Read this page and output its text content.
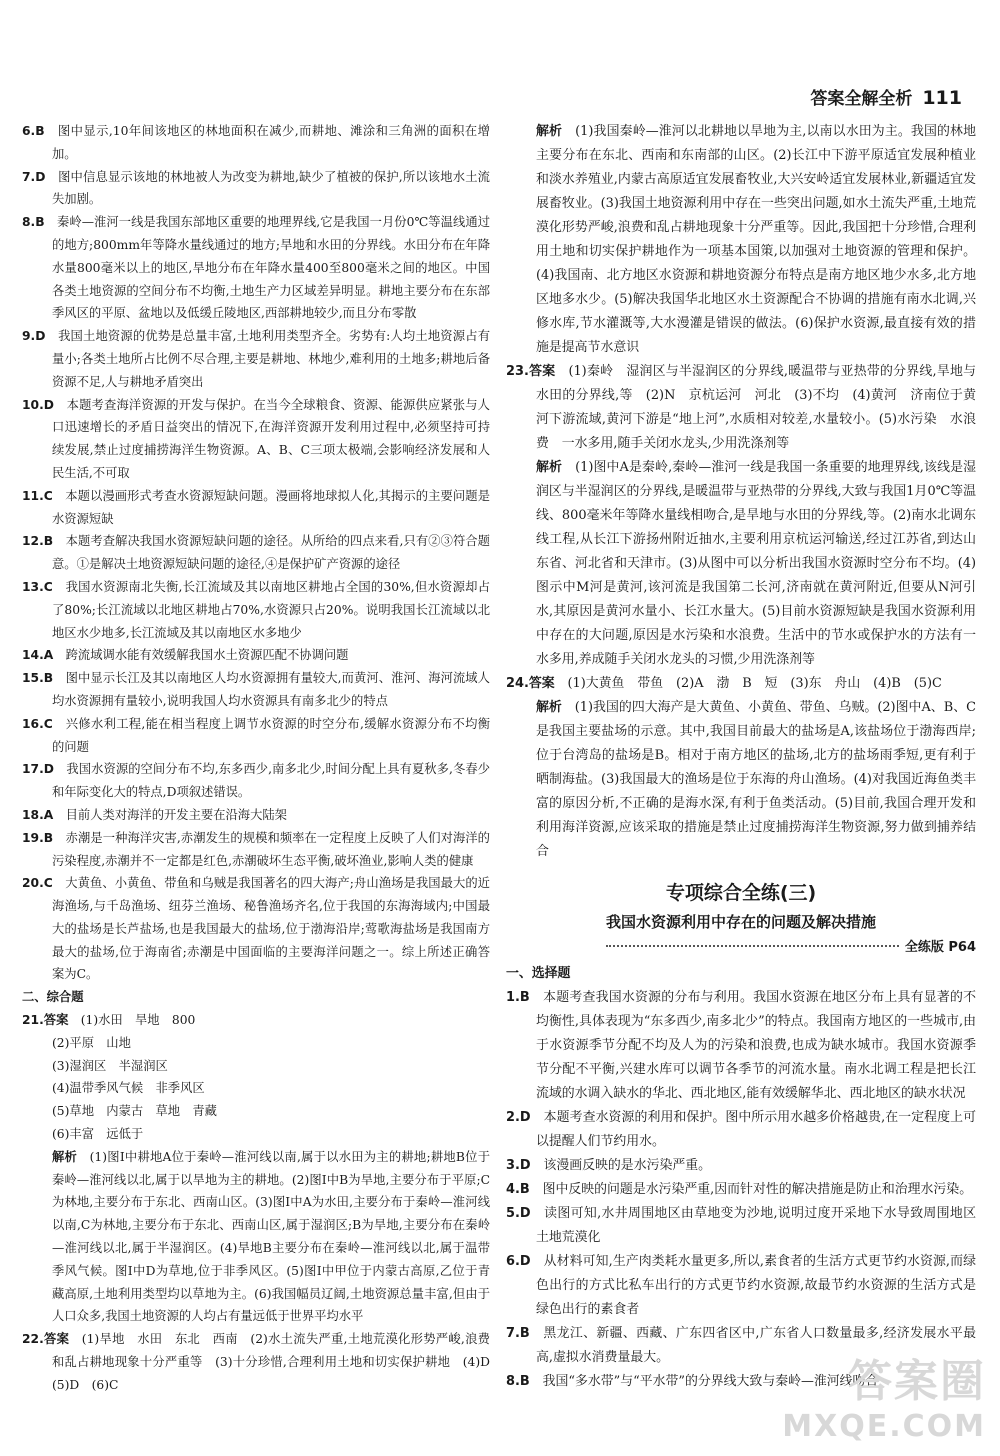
答案全解全析 111

6.B　 图中显示,10年间该地区的林地面积在减少,而耕地、滩涂和三角洲的面积在增加。

7.D　 图中信息显示该地的林地被人为改变为耕地,缺少了植被的保护,所以该地水土流失加剧。

8.B　 秦岭—淮河一线是我国东部地区重要的地理界线,它是我国一月份0℃等温线通过的地方;800mm年等降水量线通过的地方;旱地和水田的分界线。水田分布在年降水量800毫米以上的地区,旱地分布在年降水量400至800毫米之间的地区。中国各类土地资源的空间分布不均衡,土地生产力区域差异明显。耕地主要分布在东部季风区的平原、盆地以及低缓丘陵地区,西部耕地较少,而且分布零散

9.D　 我国土地资源的优势是总量丰富,土地利用类型齐全。劣势有:人均土地资源占有量小;各类土地所占比例不尽合理,主要是耕地、林地少,难利用的土地多;耕地后备资源不足,人与耕地矛盾突出

10.D　 本题考查海洋资源的开发与保护。在当今全球粮食、资源、能源供应紧张与人口迅速增长的矛盾日益突出的情况下,在海洋资源开发利用过程中,必须坚持可持续发展,禁止过度捕捞海洋生物资源。A、B、C三项太极端,会影响经济发展和人民生活,不可取

11.C　 本题以漫画形式考查水资源短缺问题。漫画将地球拟人化,其揭示的主要问题是水资源短缺

12.B　 本题考查解决我国水资源短缺问题的途径。从所给的四点来看,只有②③符合题意。①是解决土地资源短缺问题的途径,④是保护矿产资源的途径

13.C　 我国水资源南北失衡,长江流域及其以南地区耕地占全国的30%,但水资源却占了80%;长江流域以北地区耕地占70%,水资源只占20%。说明我国长江流域以北地区水少地多,长江流域及其以南地区水多地少

14.A　 跨流域调水能有效缓解我国水土资源匹配不协调问题

15.B　 图中显示长江及其以南地区人均水资源拥有量较大,而黄河、淮河、海河流域人均水资源拥有量较小,说明我国人均水资源具有南多北少的特点

16.C　 兴修水利工程,能在相当程度上调节水资源的时空分布,缓解水资源分布不均衡的问题

17.D　 我国水资源的空间分布不均,东多西少,南多北少,时间分配上具有夏秋多,冬春少和年际变化大的特点,D项叙述错误。

18.A　 目前人类对海洋的开发主要在沿海大陆架

19.B　 赤潮是一种海洋灾害,赤潮发生的规模和频率在一定程度上反映了人们对海洋的污染程度,赤潮并不一定都是红色,赤潮破坏生态平衡,破坏渔业,影响人类的健康

20.C　 大黄鱼、小黄鱼、带鱼和乌贼是我国著名的四大海产;舟山渔场是我国最大的近海渔场,与千岛渔场、纽芬兰渔场、秘鲁渔场齐名,位于我国的东海海域内;中国最大的盐场是长芦盐场,也是我国最大的盐场,位于渤海沿岸;莺歌海盐场是我国南方最大的盐场,位于海南省;赤潮是中国面临的主要海洋问题之一。综上所述正确答案为C。

二、综合题

21.答案　 (1)水田　旱地　800

(2)平原　山地

(3)湿润区　半湿润区

(4)温带季风气候　非季风区

(5)草地　内蒙古　草地　青藏

(6)丰富　远低于

解析　 (1)图Ⅰ中耕地A位于秦岭—淮河线以南,属于以水田为主的耕地;耕地B位于秦岭—淮河线以北,属于以旱地为主的耕地。(2)图Ⅰ中B为旱地,主要分布于平原;C为林地,主要分布于东北、西南山区。(3)图Ⅰ中A为水田,主要分布于秦岭—淮河线以南,C为林地,主要分布于东北、西南山区,属于湿润区;B为旱地,主要分布在秦岭—淮河线以北,属于半湿润区。(4)旱地B主要分布在秦岭—淮河线以北,属于温带季风气候。图Ⅰ中D为草地,位于非季风区。(5)图Ⅰ中甲位于内蒙古高原,乙位于青藏高原,土地利用类型均以草地为主。(6)我国幅员辽阔,土地资源总量丰富,但由于人口众多,我国土地资源的人均占有量远低于世界平均水平

22.答案　 (1)旱地　水田　东北　西南　(2)水土流失严重,土地荒漠化形势严峻,浪费和乱占耕地现象十分严重等　(3)十分珍惜,合理利用土地和切实保护耕地　(4)D　(5)D　(6)C

解析　 (1)我国秦岭—淮河以北耕地以旱地为主,以南以水田为主。我国的林地主要分布在东北、西南和东南部的山区。(2)长江中下游平原适宜发展种植业和淡水养殖业,内蒙古高原适宜发展畜牧业,大兴安岭适宜发展林业,新疆适宜发展畜牧业。(3)我国土地资源利用中存在一些突出问题,如水土流失严重,土地荒漠化形势严峻,浪费和乱占耕地现象十分严重等。因此,我国把十分珍惜,合理利用土地和切实保护耕地作为一项基本国策,以加强对土地资源的管理和保护。(4)我国南、北方地区水资源和耕地资源分布特点是南方地区地少水多,北方地区地多水少。(5)解决我国华北地区水土资源配合不协调的措施有南水北调,兴修水库,节水灌溉等,大水漫灌是错误的做法。(6)保护水资源,最直接有效的措施是提高节水意识

23.答案　 (1)秦岭　湿润区与半湿润区的分界线,暖温带与亚热带的分界线,旱地与水田的分界线,等　(2)N　京杭运河　河北　(3)不均　(4)黄河　济南位于黄河下游流域,黄河下游是“地上河”,水质相对较差,水量较小。(5)水污染　水浪费　一水多用,随手关闭水龙头,少用洗涤剂等

解析　 (1)图中A是秦岭,秦岭—淮河一线是我国一条重要的地理界线,该线是湿润区与半湿润区的分界线,是暖温带与亚热带的分界线,大致与我国1月0℃等温线、800毫米年等降水量线相吻合,是旱地与水田的分界线,等。(2)南水北调东线工程,从长江下游扬州附近抽水,主要利用京杭运河输送,经过江苏省,到达山东省、河北省和天津市。(3)从图中可以分析出我国水资源时空分布不均。(4)图示中M河是黄河,该河流是我国第二长河,济南就在黄河附近,但要从N河引水,其原因是黄河水量小、长江水量大。(5)目前水资源短缺是我国水资源利用中存在的大问题,原因是水污染和水浪费。生活中的节水或保护水的方法有一水多用,养成随手关闭水龙头的习惯,少用洗涤剂等

24.答案　 (1)大黄鱼　带鱼　(2)A　渤　B　短　(3)东　舟山　(4)B　(5)C

解析　 (1)我国的四大海产是大黄鱼、小黄鱼、带鱼、乌贼。(2)图中A、B、C是我国主要盐场的示意。其中,我国目前最大的盐场是A,该盐场位于渤海西岸;位于台湾岛的盐场是B。相对于南方地区的盐场,北方的盐场雨季短,更有利于晒制海盐。(3)我国最大的渔场是位于东海的舟山渔场。(4)对我国近海鱼类丰富的原因分析,不正确的是海水深,有利于鱼类活动。(5)目前,我国合理开发和利用海洋资源,应该采取的措施是禁止过度捕捞海洋生物资源,努力做到捕养结合

专项综合全练(三)

我国水资源利用中存在的问题及解决措施

全练版 P64

一、选择题

1.B　 本题考查我国水资源的分布与利用。我国水资源在地区分布上具有显著的不均衡性,具体表现为“东多西少,南多北少”的特点。我国南方地区的一些城市,由于水资源季节分配不均及人为的污染和浪费,也成为缺水城市。我国水资源季节分配不平衡,兴建水库可以调节各季节的河流水量。南水北调工程是把长江流域的水调入缺水的华北、西北地区,能有效缓解华北、西北地区的缺水状况

2.D　 本题考查水资源的利用和保护。图中所示用水越多价格越贵,在一定程度上可以提醒人们节约用水。

3.D　 该漫画反映的是水污染严重。

4.B　 图中反映的问题是水污染严重,因而针对性的解决措施是防止和治理水污染。

5.D　 读图可知,水井周围地区由草地变为沙地,说明过度开采地下水导致周围地区土地荒漠化

6.D　 从材料可知,生产肉类耗水量更多,所以,素食者的生活方式更节约水资源,而绿色出行的方式比私车出行的方式更节约水资源,故最节约水资源的生活方式是绿色出行的素食者

7.B　 黑龙江、新疆、西藏、广东四省区中,广东省人口数量最多,经济发展水平最高,虚拟水消费量最大。

8.B　 我国“多水带”与“平水带”的分界线大致与秦岭—淮河线吻合

答案圈
MXQE.COM
